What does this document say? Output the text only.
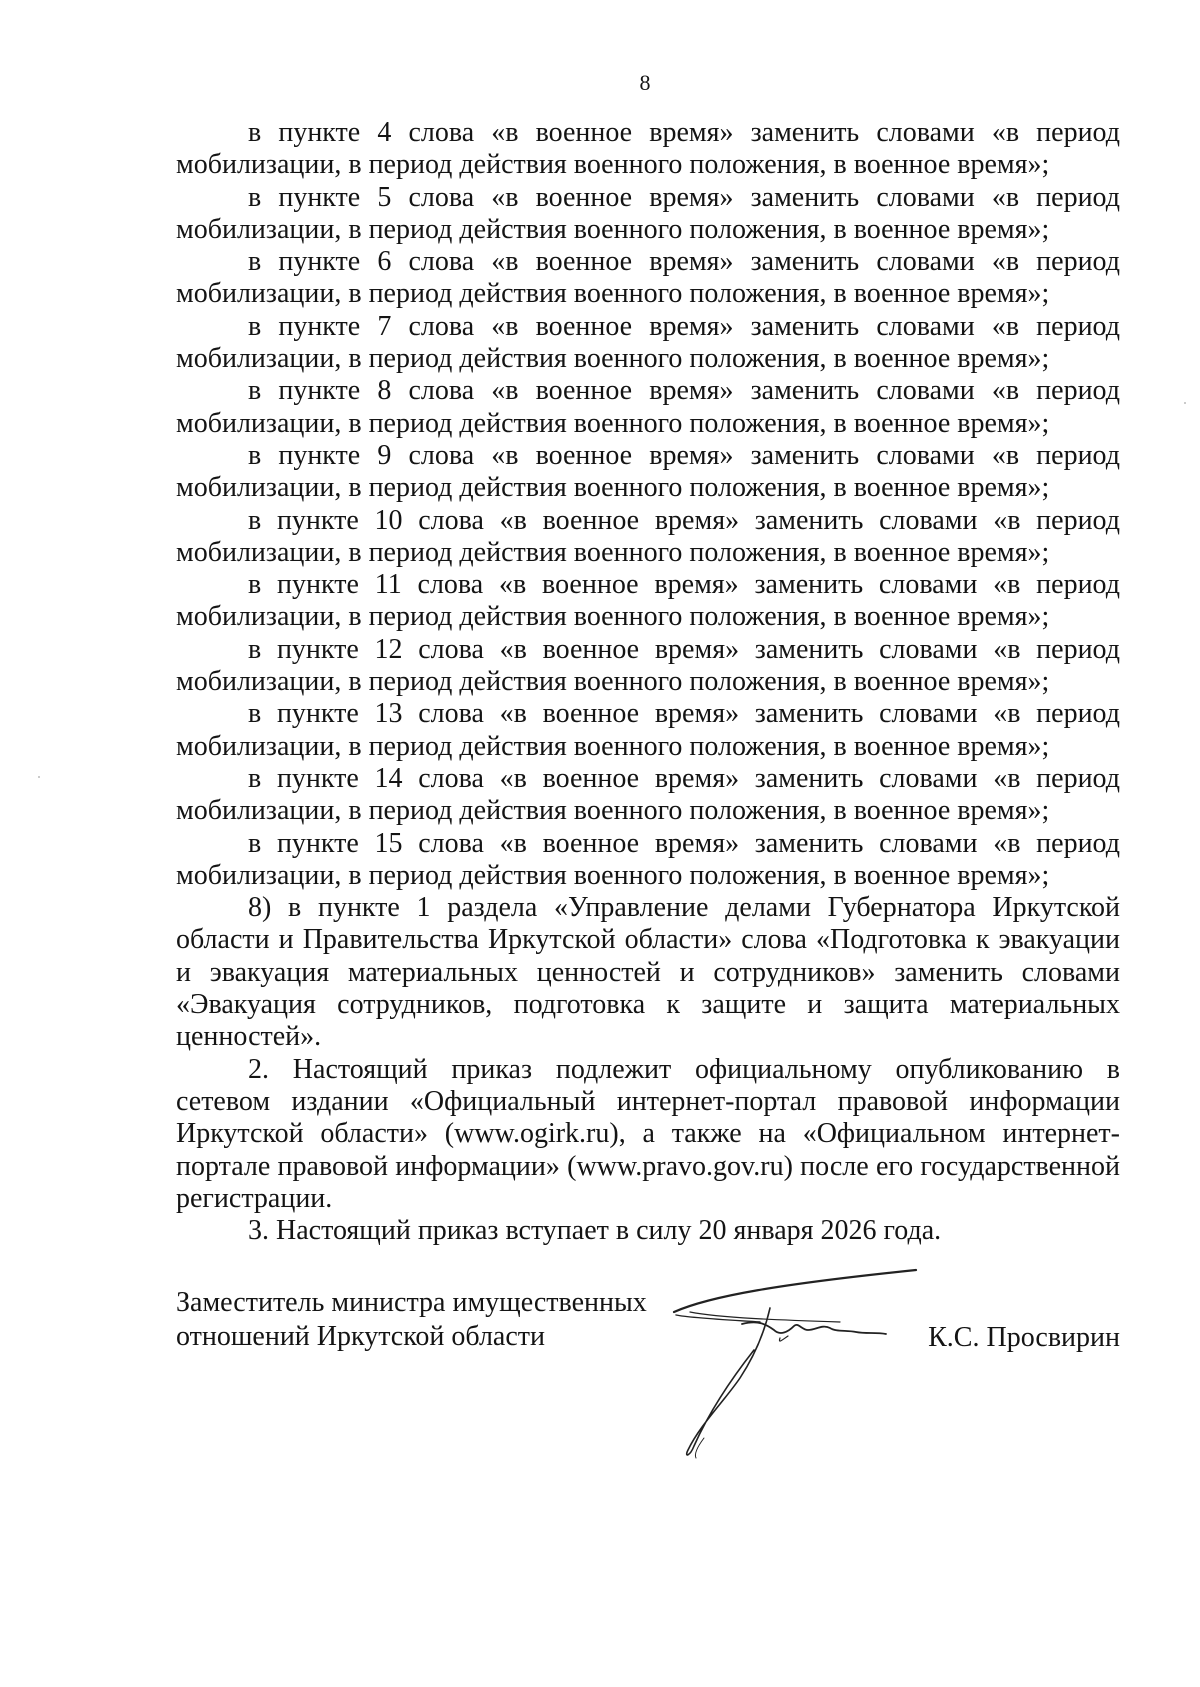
8

в пункте 4 слова «в военное время» заменить словами «в период мобилизации, в период действия военного положения, в военное время»;

в пункте 5 слова «в военное время» заменить словами «в период мобилизации, в период действия военного положения, в военное время»;

в пункте 6 слова «в военное время» заменить словами «в период мобилизации, в период действия военного положения, в военное время»;

в пункте 7 слова «в военное время» заменить словами «в период мобилизации, в период действия военного положения, в военное время»;

в пункте 8 слова «в военное время» заменить словами «в период мобилизации, в период действия военного положения, в военное время»;

в пункте 9 слова «в военное время» заменить словами «в период мобилизации, в период действия военного положения, в военное время»;

в пункте 10 слова «в военное время» заменить словами «в период мобилизации, в период действия военного положения, в военное время»;

в пункте 11 слова «в военное время» заменить словами «в период мобилизации, в период действия военного положения, в военное время»;

в пункте 12 слова «в военное время» заменить словами «в период мобилизации, в период действия военного положения, в военное время»;

в пункте 13 слова «в военное время» заменить словами «в период мобилизации, в период действия военного положения, в военное время»;

в пункте 14 слова «в военное время» заменить словами «в период мобилизации, в период действия военного положения, в военное время»;

в пункте 15 слова «в военное время» заменить словами «в период мобилизации, в период действия военного положения, в военное время»;

8) в пункте 1 раздела «Управление делами Губернатора Иркутской области и Правительства Иркутской области» слова «Подготовка к эвакуации и эвакуация материальных ценностей и сотрудников» заменить словами «Эвакуация сотрудников, подготовка к защите и защита материальных ценностей».

2. Настоящий приказ подлежит официальному опубликованию в сетевом издании «Официальный интернет-портал правовой информации Иркутской области» (www.ogirk.ru), а также на «Официальном интернет-портале правовой информации» (www.pravo.gov.ru) после его государственной регистрации.

3. Настоящий приказ вступает в силу 20 января 2026 года.

Заместитель министра имущественных
отношений Иркутской области	К.С. Просвирин
